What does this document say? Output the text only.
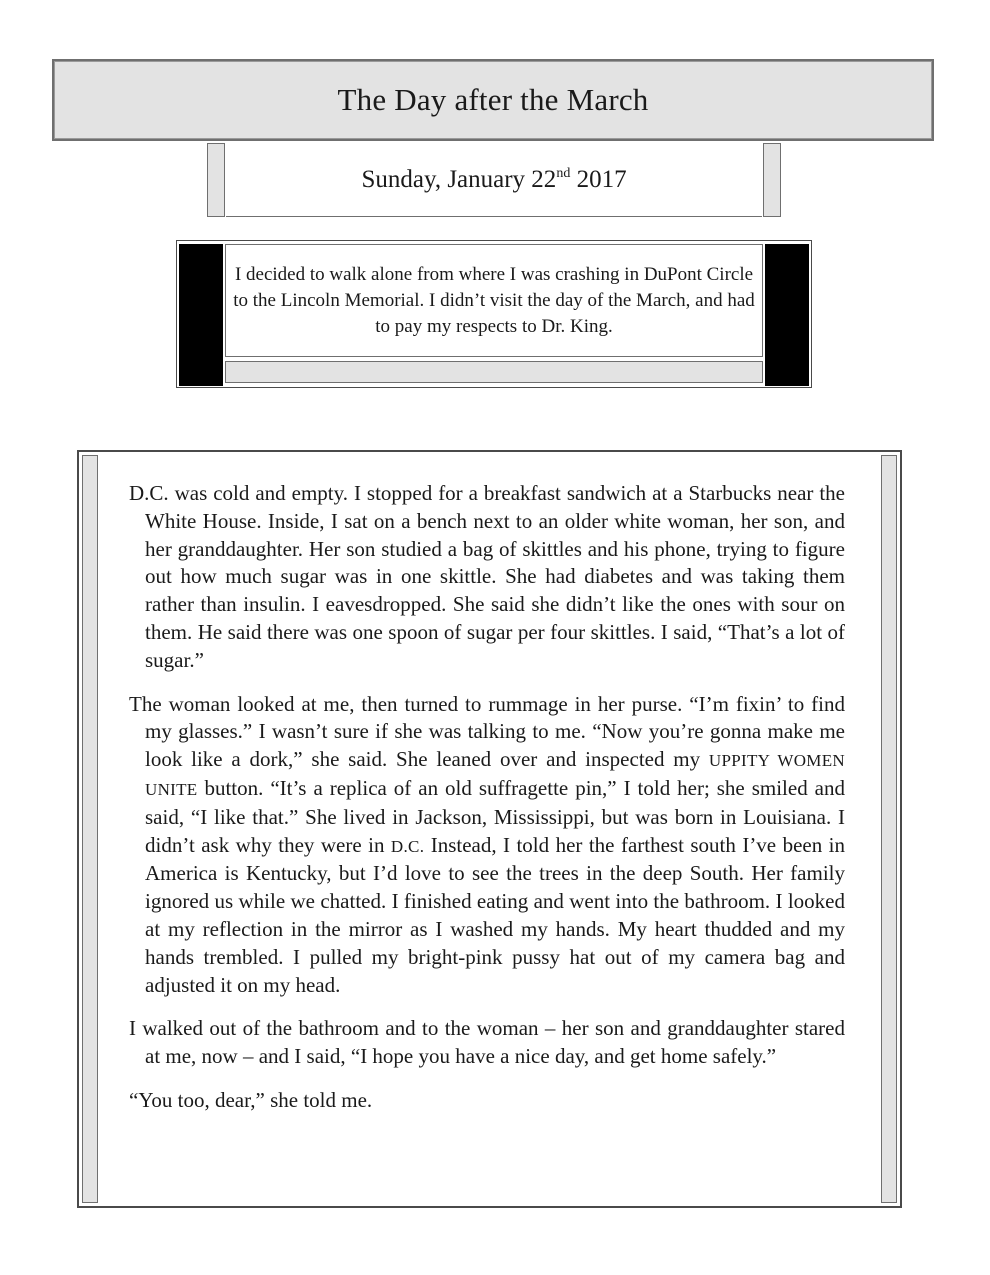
The Day after the March
Sunday, January 22nd 2017

I decided to walk alone from where I was crashing in DuPont Circle to the Lincoln Memorial. I didn’t visit the day of the March, and had to pay my respects to Dr. King.

D.C. was cold and empty. I stopped for a breakfast sandwich at a Starbucks near the White House. Inside, I sat on a bench next to an older white woman, her son, and her granddaughter. Her son studied a bag of skittles and his phone, trying to figure out how much sugar was in one skittle. She had diabetes and was taking them rather than insulin. I eavesdropped. She said she didn’t like the ones with sour on them. He said there was one spoon of sugar per four skittles. I said, “That’s a lot of sugar.”

The woman looked at me, then turned to rummage in her purse. “I’m fixin’ to find my glasses.” I wasn’t sure if she was talking to me. “Now you’re gonna make me look like a dork,” she said. She leaned over and inspected my UPPITY WOMEN UNITE button. “It’s a replica of an old suffragette pin,” I told her; she smiled and said, “I like that.” She lived in Jackson, Mississippi, but was born in Louisiana. I didn’t ask why they were in D.C. Instead, I told her the farthest south I’ve been in America is Kentucky, but I’d love to see the trees in the deep South. Her family ignored us while we chatted. I finished eating and went into the bathroom. I looked at my reflection in the mirror as I washed my hands. My heart thudded and my hands trembled. I pulled my bright-pink pussy hat out of my camera bag and adjusted it on my head.

I walked out of the bathroom and to the woman – her son and granddaughter stared at me, now – and I said, “I hope you have a nice day, and get home safely.”

“You too, dear,” she told me.
